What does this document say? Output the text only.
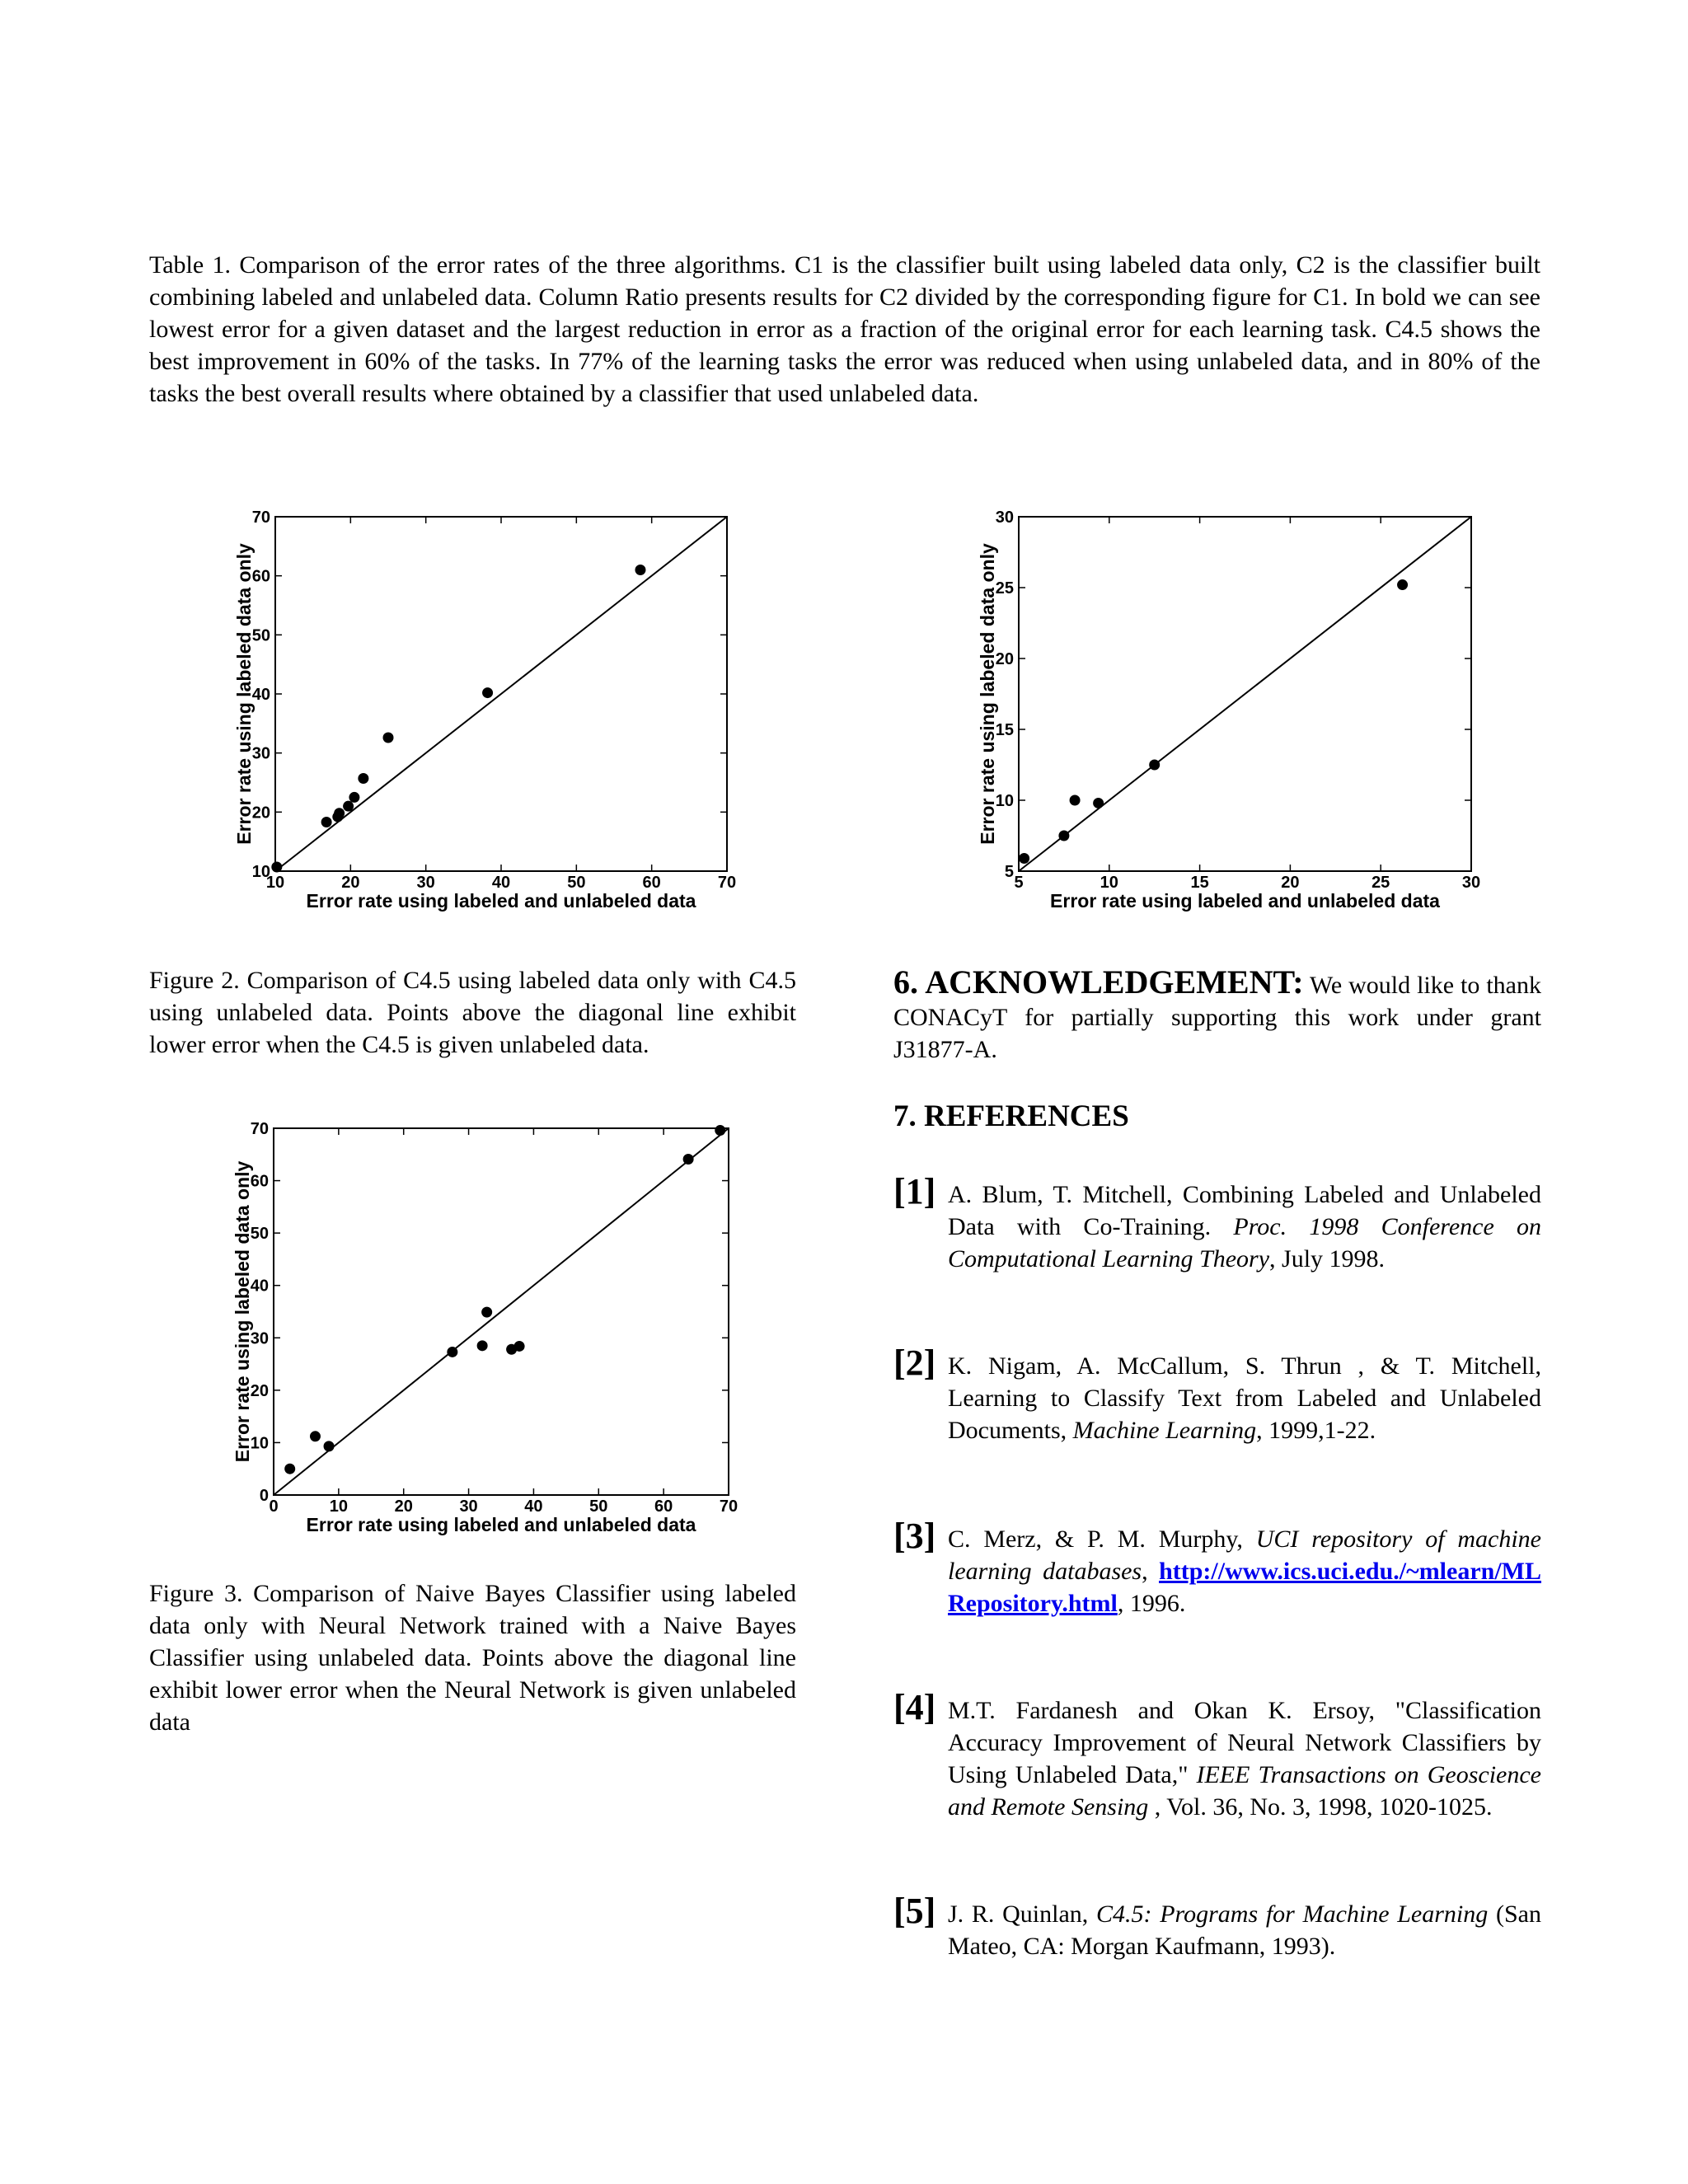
Table 1. Comparison of the error rates of the three algorithms. C1 is the classifier built using labeled data only, C2 is the classifier built combining labeled and unlabeled data. Column Ratio presents results for C2 divided by the corresponding figure for C1. In bold we can see lowest error for a given dataset and the largest reduction in error as a fraction of the original error for each learning task. C4.5 shows the best improvement in 60% of the tasks. In 77% of the learning tasks the error was reduced when using unlabeled data, and in 80% of the tasks the best overall results where obtained by a classifier that used unlabeled data.
10	20	30	40	50	60	70
10
20
30
40
50
60
70
Error rate using labeled and unlabeled data
Error rate using labeled data only
Figure 2. Comparison of C4.5 using labeled data only with C4.5 using unlabeled data. Points above the diagonal line exhibit lower error when the C4.5 is given unlabeled data.
5	10	15	20	25	30
5
10
15
20
25
30
Error rate using labeled and unlabeled data
Error rate using labeled data only
0	10	20	30	40	50	60	70
0
10
20
30
40
50
60
70
Error rate using labeled and unlabeled data
Error rate using labeled data only
Figure 3. Comparison of Naive Bayes Classifier using labeled data only with Neural Network trained with a Naive Bayes Classifier using unlabeled data. Points above the diagonal line exhibit lower error when the Neural Network is given unlabeled data
6. ACKNOWLEDGEMENT: We would like to thank CONACyT for partially supporting this work under grant J31877-A.
7. REFERENCES
[1] A. Blum, T. Mitchell, Combining Labeled and Unlabeled Data with Co-Training. Proc. 1998 Conference on Computational Learning Theory, July 1998.
[2] K. Nigam, A. McCallum, S. Thrun , & T. Mitchell, Learning to Classify Text from Labeled and Unlabeled Documents, Machine Learning, 1999,1-22.
[3] C. Merz, & P. M. Murphy, UCI repository of machine learning databases, http://www.ics.uci.edu./~mlearn/MLRepository.html, 1996.
[4] M.T. Fardanesh and Okan K. Ersoy, "Classification Accuracy Improvement of Neural Network Classifiers by Using Unlabeled Data," IEEE Transactions on Geoscience and Remote Sensing , Vol. 36, No. 3, 1998, 1020-1025.
[5] J. R. Quinlan, C4.5: Programs for Machine Learning (San Mateo, CA: Morgan Kaufmann, 1993).
